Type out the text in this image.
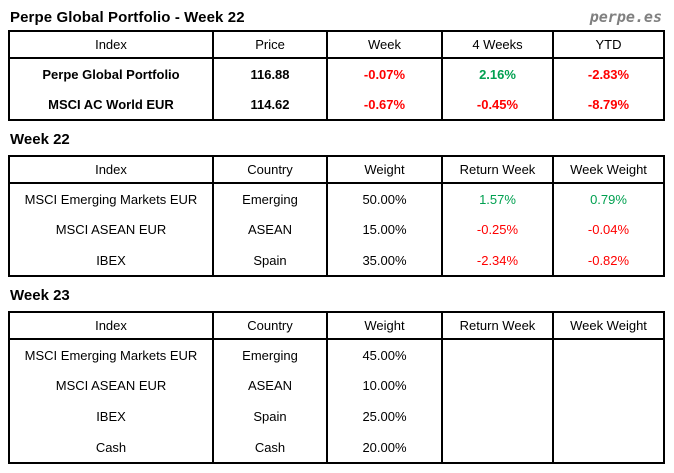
Perpe Global Portfolio - Week 22	perpe.es
Index	Price	Week	4 Weeks	YTD
Perpe Global Portfolio	116.88	-0.07%	2.16%	-2.83%
MSCI AC World EUR	114.62	-0.67%	-0.45%	-8.79%
Week 22
Index	Country	Weight	Return Week	Week Weight
MSCI Emerging Markets EUR	Emerging	50.00%	1.57%	0.79%
MSCI ASEAN EUR	ASEAN	15.00%	-0.25%	-0.04%
IBEX	Spain	35.00%	-2.34%	-0.82%
Week 23
Index	Country	Weight	Return Week	Week Weight
MSCI Emerging Markets EUR	Emerging	45.00%		
MSCI ASEAN EUR	ASEAN	10.00%		
IBEX	Spain	25.00%		
Cash	Cash	20.00%		
